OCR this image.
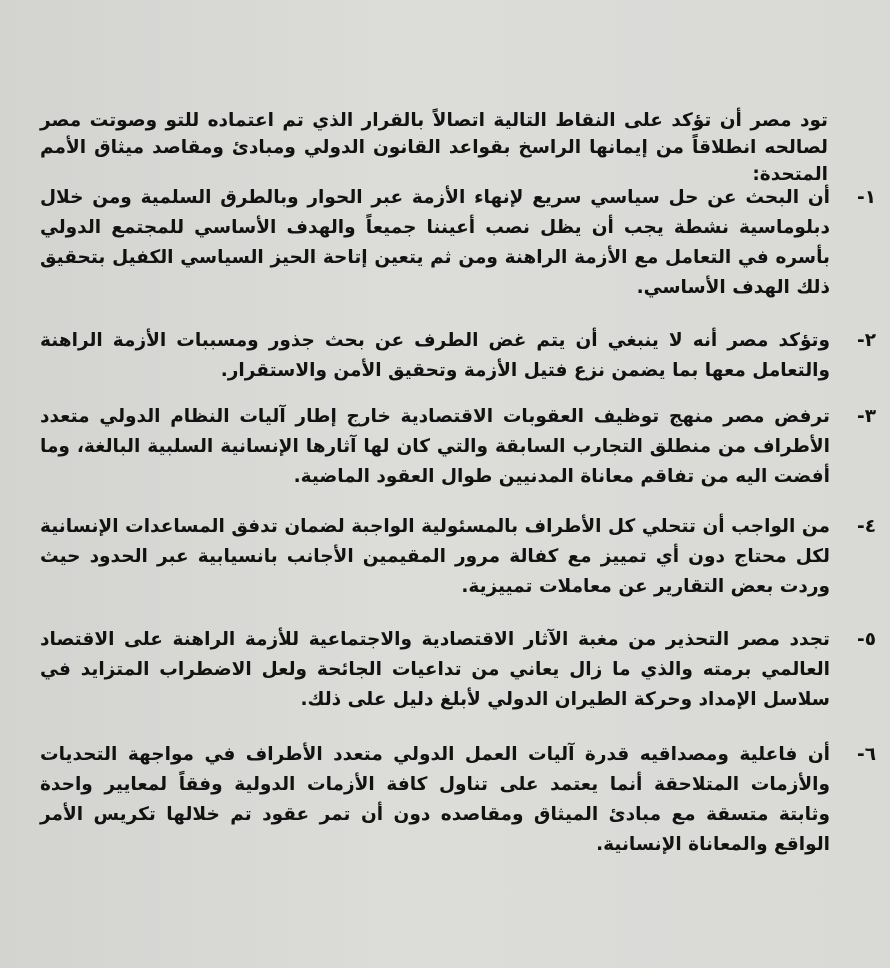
تود مصر أن تؤكد على النقاط التالية اتصالاً بالقرار الذي تم اعتماده للتو وصوتت مصر لصالحه انطلاقاً من إيمانها الراسخ بقواعد القانون الدولي ومبادئ ومقاصد ميثاق الأمم المتحدة:

١-

أن البحث عن حل سياسي سريع لإنهاء الأزمة عبر الحوار وبالطرق السلمية ومن خلال دبلوماسية نشطة يجب أن يظل نصب أعيننا جميعاً والهدف الأساسي للمجتمع الدولي بأسره في التعامل مع الأزمة الراهنة ومن ثم يتعين إتاحة الحيز السياسي الكفيل بتحقيق ذلك الهدف الأساسي.

٢-

وتؤكد مصر أنه لا ينبغي أن يتم غض الطرف عن بحث جذور ومسببات الأزمة الراهنة والتعامل معها بما يضمن نزع فتيل الأزمة وتحقيق الأمن والاستقرار.

٣-

ترفض مصر منهج توظيف العقوبات الاقتصادية خارج إطار آليات النظام الدولي متعدد الأطراف من منطلق التجارب السابقة والتي كان لها آثارها الإنسانية السلبية البالغة، وما أفضت اليه من تفاقم معاناة المدنيين طوال العقود الماضية.

٤-

من الواجب أن تتحلي كل الأطراف بالمسئولية الواجبة لضمان تدفق المساعدات الإنسانية لكل محتاج دون أي تمييز مع كفالة مرور المقيمين الأجانب بانسيابية عبر الحدود حيث وردت بعض التقارير عن معاملات تمييزية.

٥-

تجدد مصر التحذير من مغبة الآثار الاقتصادية والاجتماعية للأزمة الراهنة على الاقتصاد العالمي برمته والذي ما زال يعاني من تداعيات الجائحة ولعل الاضطراب المتزايد في سلاسل الإمداد وحركة الطيران الدولي لأبلغ دليل على ذلك.

٦-

أن فاعلية ومصداقيه قدرة آليات العمل الدولي متعدد الأطراف في مواجهة التحديات والأزمات المتلاحقة أنما يعتمد على تناول كافة الأزمات الدولية وفقاً لمعايير واحدة وثابتة متسقة مع مبادئ الميثاق ومقاصده دون أن تمر عقود تم خلالها تكريس الأمر الواقع والمعاناة الإنسانية.
